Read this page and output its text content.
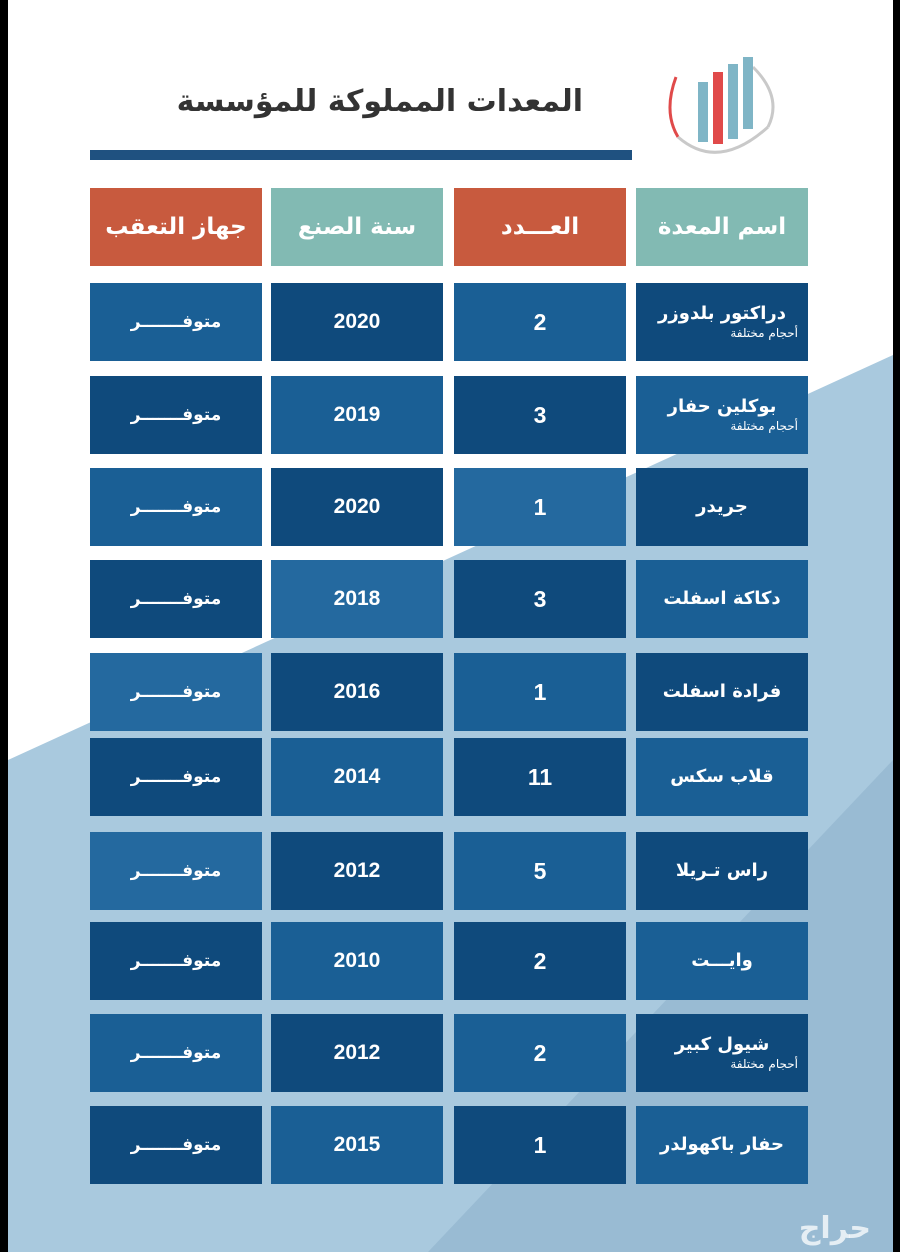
المعدات المملوكة للمؤسسة
اسم المعدة
العـــدد
سنة الصنع
جهاز التعقب
دراكتور بلدوزر
أحجام مختلفة
2
2020
متوفـــــــر
بوكلين حفار
أحجام مختلفة
3
2019
متوفـــــــر
جريدر
1
2020
متوفـــــــر
دكاكة اسفلت
3
2018
متوفـــــــر
فرادة اسفلت
1
2016
متوفـــــــر
قلاب سكس
11
2014
متوفـــــــر
راس تـريلا
5
2012
متوفـــــــر
وايـــت
2
2010
متوفـــــــر
شيول كبير
أحجام مختلفة
2
2012
متوفـــــــر
حفار باكهولدر
1
2015
متوفـــــــر
حراج
